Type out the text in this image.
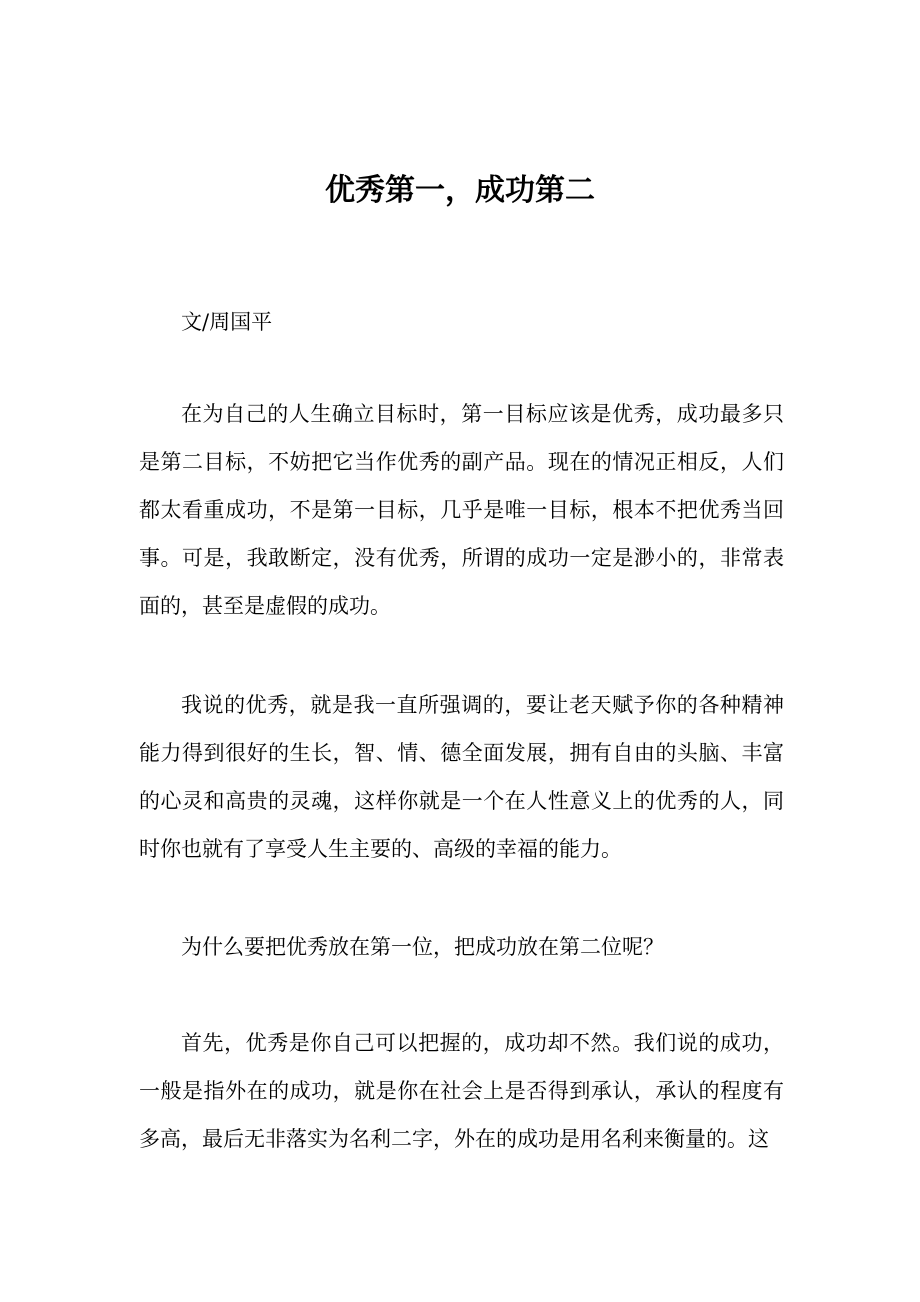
优秀第一，成功第二

文/周国平

在为自己的人生确立目标时，第一目标应该是优秀，成功最多只是第二目标，不妨把它当作优秀的副产品。现在的情况正相反，人们都太看重成功，不是第一目标，几乎是唯一目标，根本不把优秀当回事。可是，我敢断定，没有优秀，所谓的成功一定是渺小的，非常表面的，甚至是虚假的成功。

我说的优秀，就是我一直所强调的，要让老天赋予你的各种精神能力得到很好的生长，智、情、德全面发展，拥有自由的头脑、丰富的心灵和高贵的灵魂，这样你就是一个在人性意义上的优秀的人，同时你也就有了享受人生主要的、高级的幸福的能力。

为什么要把优秀放在第一位，把成功放在第二位呢？

首先，优秀是你自己可以把握的，成功却不然。我们说的成功，一般是指外在的成功，就是你在社会上是否得到承认，承认的程度有多高，最后无非落实为名利二字，外在的成功是用名利来衡量的。这
